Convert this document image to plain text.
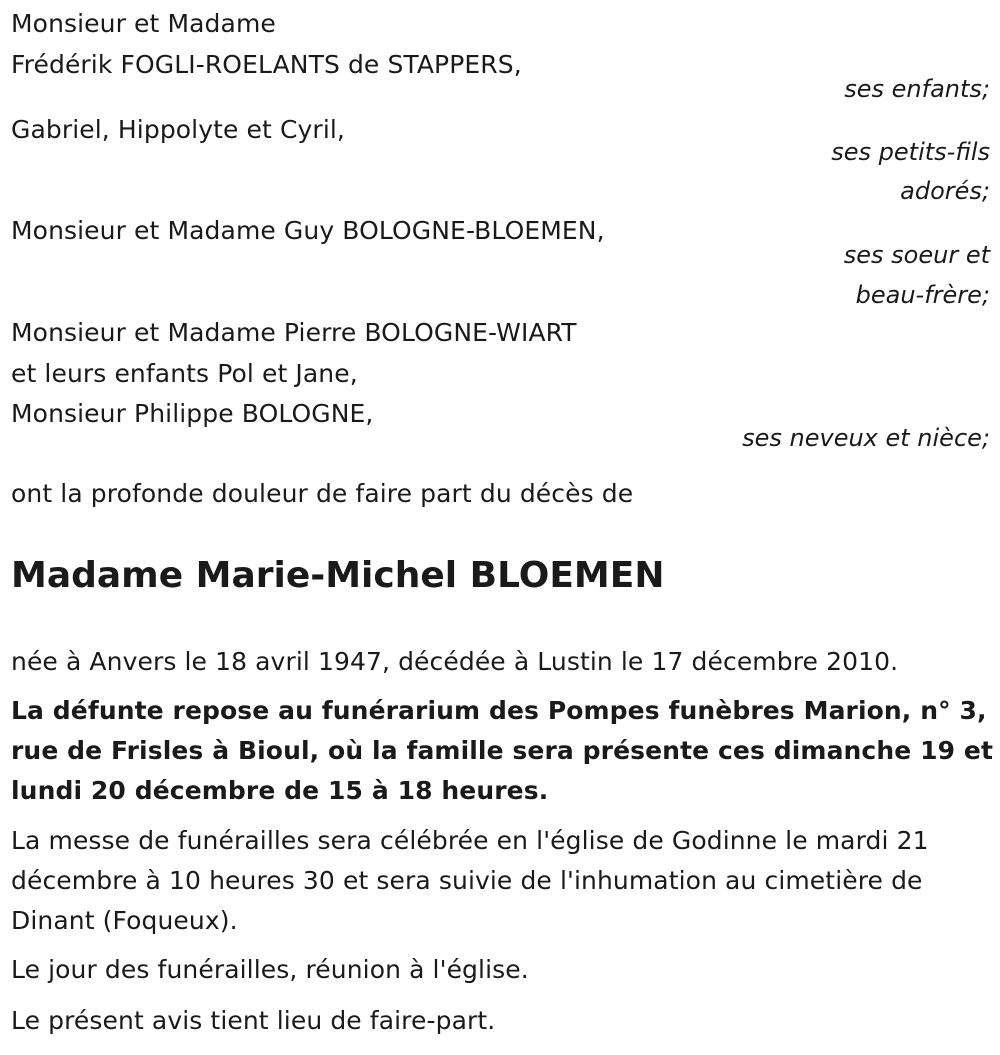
Monsieur et Madame
Frédérik FOGLI-ROELANTS de STAPPERS,
ses enfants;
Gabriel, Hippolyte et Cyril,
ses petits-fils
adorés;
Monsieur et Madame Guy BOLOGNE-BLOEMEN,
ses soeur et
beau-frère;
Monsieur et Madame Pierre BOLOGNE-WIART
et leurs enfants Pol et Jane,
Monsieur Philippe BOLOGNE,
ses neveux et nièce;
ont la profonde douleur de faire part du décès de
Madame Marie-Michel BLOEMEN
née à Anvers le 18 avril 1947, décédée à Lustin le 17 décembre 2010.
La défunte repose au funérarium des Pompes funèbres Marion, n° 3,
rue de Frisles à Bioul, où la famille sera présente ces dimanche 19 et
lundi 20 décembre de 15 à 18 heures.
La messe de funérailles sera célébrée en l'église de Godinne le mardi 21
décembre à 10 heures 30 et sera suivie de l'inhumation au cimetière de
Dinant (Foqueux).
Le jour des funérailles, réunion à l'église.
Le présent avis tient lieu de faire-part.
